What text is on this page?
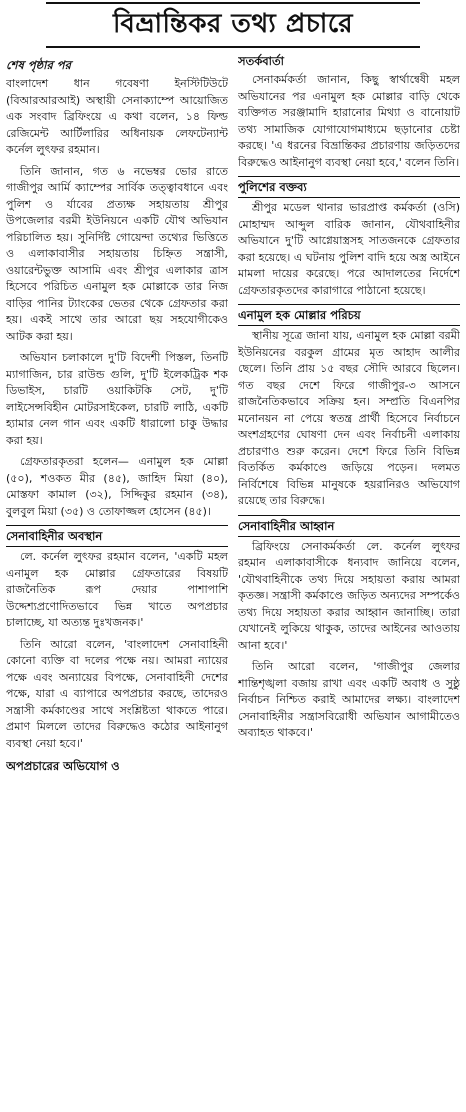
বিভ্রান্তিকর তথ্য প্রচারে
শেষ পৃষ্ঠার পর

বাংলাদেশ ধান গবেষণা ইনস্টিটিউটে (বিআরআরআই) অস্থায়ী সেনাক্যাম্পে আয়োজিত এক সংবাদ ব্রিফিংয়ে এ কথা বলেন, ১৪ ফিল্ড রেজিমেন্ট আর্টিলারির অধিনায়ক লেফটেন্যান্ট কর্নেল লুৎফর রহমান।

তিনি জানান, গত ৬ নভেম্বর ভোর রাতে গাজীপুর আর্মি ক্যাম্পের সার্বিক তত্ত্বাবধানে এবং পুলিশ ও র্যাবের প্রত্যক্ষ সহায়তায় শ্রীপুর উপজেলার বরমী ইউনিয়নে একটি যৌথ অভিযান পরিচালিত হয়। সুনির্দিষ্ট গোয়েন্দা তথ্যের ভিত্তিতে ও এলাকাবাসীর সহায়তায় চিহ্নিত সন্ত্রাসী, ওয়ারেন্টভুক্ত আসামি এবং শ্রীপুর এলাকার ত্রাস হিসেবে পরিচিত এনামুল হক মোল্লাকে তার নিজ বাড়ির পানির ট্যাংকের ভেতর থেকে গ্রেফতার করা হয়। একই সাথে তার আরো ছয় সহযোগীকেও আটক করা হয়।

অভিযান চলাকালে দু'টি বিদেশী পিস্তল, তিনটি ম্যাগাজিন, চার রাউন্ড গুলি, দু'টি ইলেকট্রিক শক ডিভাইস, চারটি ওয়াকিটকি সেট, দু'টি লাইসেন্সবিহীন মোটরসাইকেল, চারটি লাঠি, একটি হ্যামার নেল গান এবং একটি ধারালো চাকু উদ্ধার করা হয়।

গ্রেফতারকৃতরা হলেন— এনামুল হক মোল্লা (৫০), শওকত মীর (৪৫), জাহিদ মিয়া (৪০), মোস্তফা কামাল (৩২), সিদ্দিকুর রহমান (৩৪), বুলবুল মিয়া (৩৫) ও তোফাজ্জল হোসেন (৪৫)।

সেনাবাহিনীর অবস্থান

লে. কর্নেল লুৎফর রহমান বলেন, 'একটি মহল এনামুল হক মোল্লার গ্রেফতারের বিষয়টি রাজনৈতিক রূপ দেয়ার পাশাপাশি উদ্দেশ্যপ্রণোদিতভাবে ভিন্ন খাতে অপপ্রচার চালাচ্ছে, যা অত্যন্ত দুঃখজনক।'

তিনি আরো বলেন, 'বাংলাদেশ সেনাবাহিনী কোনো ব্যক্তি বা দলের পক্ষে নয়। আমরা ন্যায়ের পক্ষে এবং অন্যায়ের বিপক্ষে, সেনাবাহিনী দেশের পক্ষে, যারা এ ব্যাপারে অপপ্রচার করছে, তাদেরও সন্ত্রাসী কর্মকাণ্ডের সাথে সংশ্লিষ্টতা থাকতে পারে। প্রমাণ মিললে তাদের বিরুদ্ধেও কঠোর আইনানুগ ব্যবস্থা নেয়া হবে।'

অপপ্রচারের অভিযোগ ও
সতর্কবার্তা

সেনাকর্মকর্তা জানান, কিছু স্বার্থান্বেষী মহল অভিযানের পর এনামুল হক মোল্লার বাড়ি থেকে ব্যক্তিগত সরঞ্জামাদি হারানোর মিথ্যা ও বানোয়াট তথ্য সামাজিক যোগাযোগমাধ্যমে ছড়ানোর চেষ্টা করছে। 'এ ধরনের বিভ্রান্তিকর প্রচারণায় জড়িতদের বিরুদ্ধেও আইনানুগ ব্যবস্থা নেয়া হবে,' বলেন তিনি।

পুলিশের বক্তব্য

শ্রীপুর মডেল থানার ভারপ্রাপ্ত কর্মকর্তা (ওসি) মোহাম্মদ আব্দুল বারিক জানান, যৌথবাহিনীর অভিযানে দু'টি আগ্নেয়াস্ত্রসহ সাতজনকে গ্রেফতার করা হয়েছে। এ ঘটনায় পুলিশ বাদি হয়ে অস্ত্র আইনে মামলা দায়ের করেছে। পরে আদালতের নির্দেশে গ্রেফতারকৃতদের কারাগারে পাঠানো হয়েছে।

এনামুল হক মোল্লার পরিচয়

স্থানীয় সূত্রে জানা যায়, এনামুল হক মোল্লা বরমী ইউনিয়নের বরকুল গ্রামের মৃত আহাদ আলীর ছেলে। তিনি প্রায় ১৫ বছর সৌদি আরবে ছিলেন। গত বছর দেশে ফিরে গাজীপুর-৩ আসনে রাজনৈতিকভাবে সক্রিয় হন। সম্প্রতি বিএনপির মনোনয়ন না পেয়ে স্বতন্ত্র প্রার্থী হিসেবে নির্বাচনে অংশগ্রহণের ঘোষণা দেন এবং নির্বাচনী এলাকায় প্রচারণাও শুরু করেন। দেশে ফিরে তিনি বিভিন্ন বিতর্কিত কর্মকাণ্ডে জড়িয়ে পড়েন। দলমত নির্বিশেষে বিভিন্ন মানুষকে হয়রানিরও অভিযোগ রয়েছে তার বিরুদ্ধে।

সেনাবাহিনীর আহ্বান

ব্রিফিংয়ে সেনাকর্মকর্তা লে. কর্নেল লুৎফর রহমান এলাকাবাসীকে ধন্যবাদ জানিয়ে বলেন, 'যৌথবাহিনীকে তথ্য দিয়ে সহায়তা করায় আমরা কৃতজ্ঞ। সন্ত্রাসী কর্মকাণ্ডে জড়িত অন্যদের সম্পর্কেও তথ্য দিয়ে সহায়তা করার আহ্বান জানাচ্ছি। তারা যেখানেই লুকিয়ে থাকুক, তাদের আইনের আওতায় আনা হবে।'

তিনি আরো বলেন, 'গাজীপুর জেলার শান্তিশৃঙ্খলা বজায় রাখা এবং একটি অবাধ ও সুষ্ঠু নির্বাচন নিশ্চিত করাই আমাদের লক্ষ্য। বাংলাদেশ সেনাবাহিনীর সন্ত্রাসবিরোধী অভিযান আগামীতেও অব্যাহত থাকবে।'
